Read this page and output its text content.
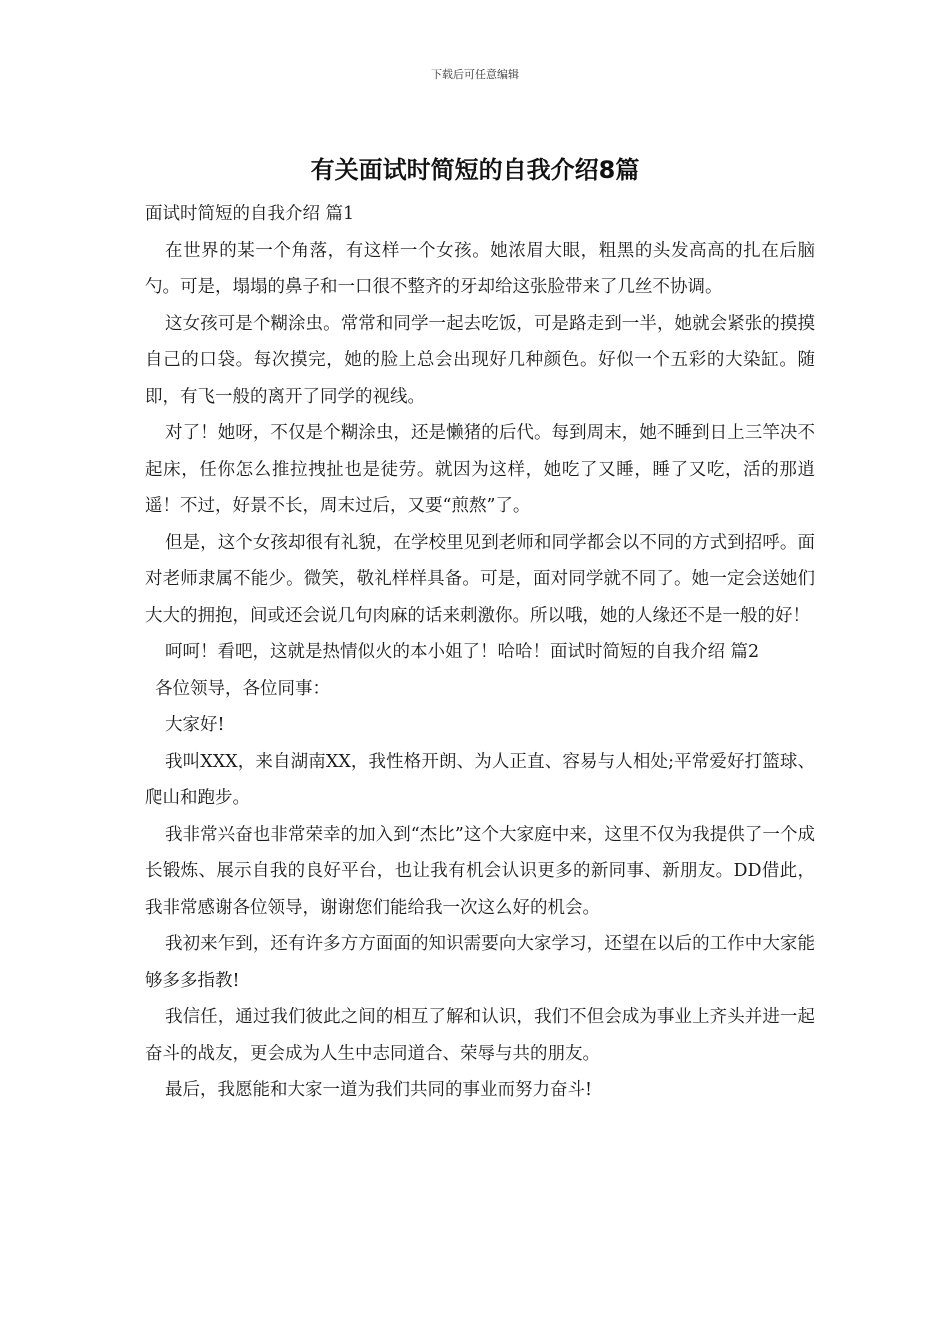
下载后可任意编辑
有关面试时简短的自我介绍8篇

面试时简短的自我介绍 篇1

在世界的某一个角落，有这样一个女孩。她浓眉大眼，粗黑的头发高高的扎在后脑勺。可是，塌塌的鼻子和一口很不整齐的牙却给这张脸带来了几丝不协调。

这女孩可是个糊涂虫。常常和同学一起去吃饭，可是路走到一半，她就会紧张的摸摸自己的口袋。每次摸完，她的脸上总会出现好几种颜色。好似一个五彩的大染缸。随即，有飞一般的离开了同学的视线。

对了！她呀，不仅是个糊涂虫，还是懒猪的后代。每到周末，她不睡到日上三竿决不起床，任你怎么推拉拽扯也是徒劳。就因为这样，她吃了又睡，睡了又吃，活的那逍遥！不过，好景不长，周末过后，又要“煎熬”了。

但是，这个女孩却很有礼貌，在学校里见到老师和同学都会以不同的方式到招呼。面对老师隶属不能少。微笑，敬礼样样具备。可是，面对同学就不同了。她一定会送她们大大的拥抱，间或还会说几句肉麻的话来刺激你。所以哦，她的人缘还不是一般的好！

呵呵！看吧，这就是热情似火的本小姐了！哈哈！面试时简短的自我介绍 篇2

各位领导，各位同事：

大家好!

我叫XXX，来自湖南XX，我性格开朗、为人正直、容易与人相处;平常爱好打篮球、爬山和跑步。

我非常兴奋也非常荣幸的加入到“杰比”这个大家庭中来，这里不仅为我提供了一个成长锻炼、展示自我的良好平台，也让我有机会认识更多的新同事、新朋友。DD借此，我非常感谢各位领导，谢谢您们能给我一次这么好的机会。

我初来乍到，还有许多方方面面的知识需要向大家学习，还望在以后的工作中大家能够多多指教!

我信任，通过我们彼此之间的相互了解和认识，我们不但会成为事业上齐头并进一起奋斗的战友，更会成为人生中志同道合、荣辱与共的朋友。

最后，我愿能和大家一道为我们共同的事业而努力奋斗!
